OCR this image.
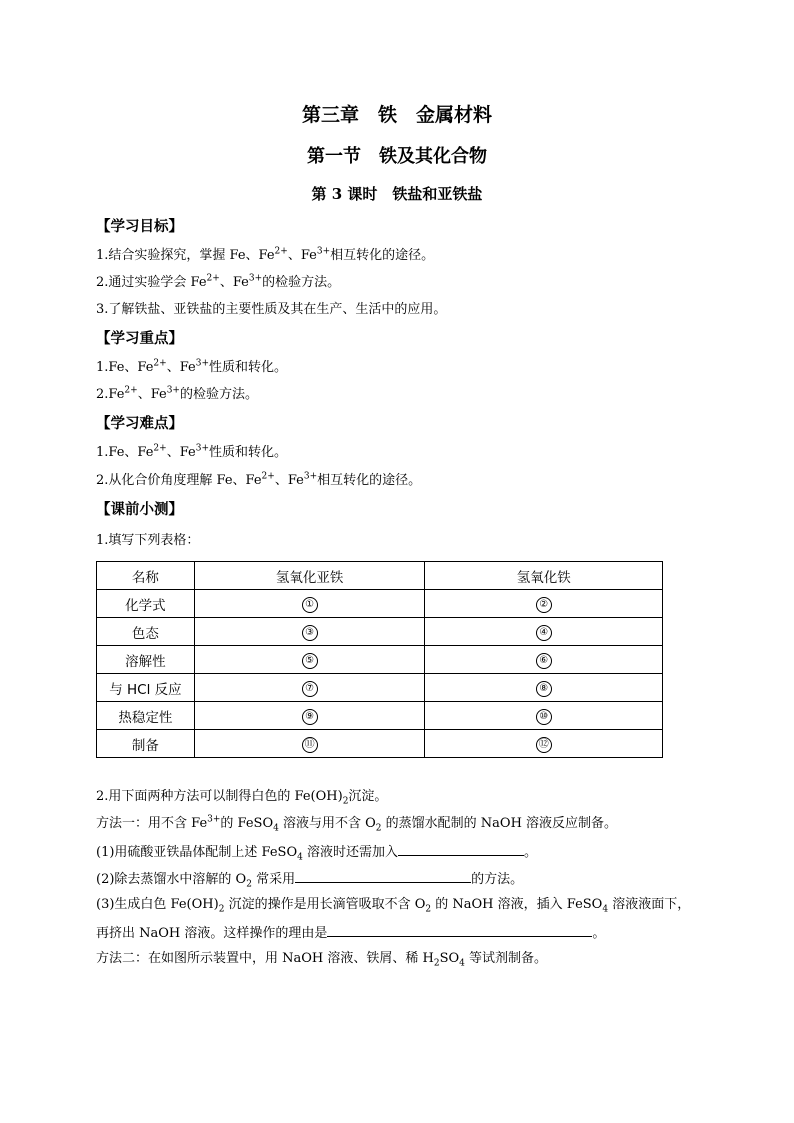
第三章　铁　金属材料
第一节　铁及其化合物
第 3 课时　铁盐和亚铁盐
【学习目标】
1.结合实验探究，掌握 Fe、$Fe^{2+}$、$Fe^{3+}$相互转化的途径。
2.通过实验学会 $Fe^{2+}$、$Fe^{3+}$的检验方法。
3.了解铁盐、亚铁盐的主要性质及其在生产、生活中的应用。
【学习重点】
1.Fe、$Fe^{2+}$、$Fe^{3+}$性质和转化。
$2.Fe^{2+}$、$Fe^{3+}$的检验方法。
【学习难点】
1.Fe、$Fe^{2+}$、$Fe^{3+}$性质和转化。
2.从化合价角度理解 Fe、$Fe^{2+}$、$Fe^{3+}$相互转化的途径。
【课前小测】
1.填写下列表格：
名称	氢氧化亚铁	氢氧化铁
化学式	①	②
色态	③	④
溶解性	⑤	⑥
与 HCl 反应	⑦	⑧
热稳定性	⑨	⑩
制备	⑪	⑫
2.用下面两种方法可以制得白色的 $Fe(OH)_2$沉淀。
方法一：用不含 $Fe^{3+}$的 FeSO$_4$ 溶液与用不含 $O_2$ 的蒸馏水配制的 NaOH 溶液反应制备。
(1)用硫酸亚铁晶体配制上述 FeSO$_4$ 溶液时还需加入	。
(2)除去蒸馏水中溶解的 $O_2$ 常采用	的方法。
(3)生成白色 $Fe(OH)_2$ 沉淀的操作是用长滴管吸取不含 $O_2$ 的 NaOH 溶液，插入 FeSO$_4$ 溶液液面下，
再挤出 NaOH 溶液。这样操作的理由是	。
方法二：在如图所示装置中，用 NaOH 溶液、铁屑、稀 $H_2SO_4$ 等试剂制备。
